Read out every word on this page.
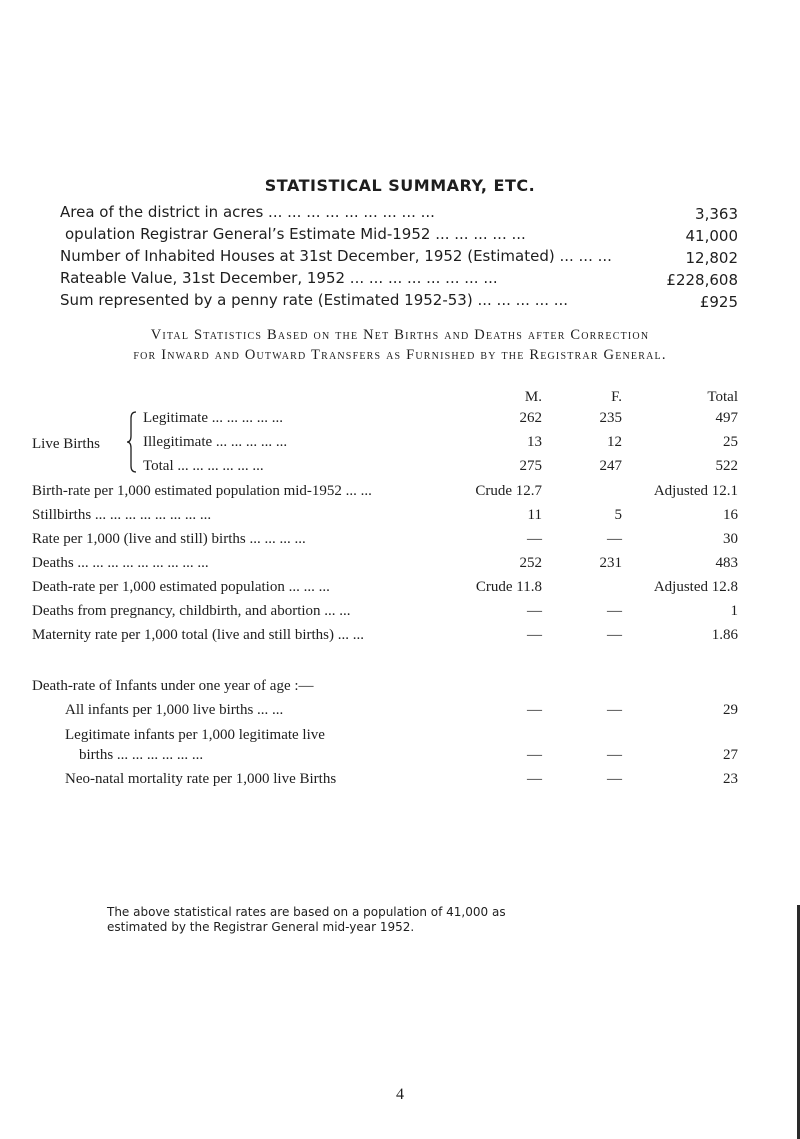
STATISTICAL SUMMARY, ETC.
Area of the district in acres ... ... ... ... ... ... ... ... ...	3,363
opulation Registrar General’s Estimate Mid-1952 ... ... ... ... ...	41,000
Number of Inhabited Houses at 31st December, 1952 (Estimated) ... ... ...	12,802
Rateable Value, 31st December, 1952 ... ... ... ... ... ... ... ...	£228,608
Sum represented by a penny rate (Estimated 1952-53) ... ... ... ... ...	£925
Vital Statistics Based on the Net Births and Deaths after Correction
for Inward and Outward Transfers as Furnished by the Registrar General.
M.	F.	Total
Live Births
Legitimate ... ... ... ... ...	262	235	497
Illegitimate ... ... ... ... ...	13	12	25
Total ... ... ... ... ... ...	275	247	522
Birth-rate per 1,000 estimated population mid-1952 ... ...	Crude 12.7	Adjusted 12.1
Stillbirths ... ... ... ... ... ... ... ...	11	5	16
Rate per 1,000 (live and still) births ... ... ... ...	—	—	30
Deaths ... ... ... ... ... ... ... ... ...	252	231	483
Death-rate per 1,000 estimated population ... ... ...	Crude 11.8	Adjusted 12.8
Deaths from pregnancy, childbirth, and abortion ... ...	—	—	1
Maternity rate per 1,000 total (live and still births) ... ...	—	—	1.86
Death-rate of Infants under one year of age :—
All infants per 1,000 live births ... ...	—	—	29
Legitimate infants per 1,000 legitimate live
births ... ... ... ... ... ...	—	—	27
Neo-natal mortality rate per 1,000 live Births	—	—	23
The above statistical rates are based on a population of 41,000 as
estimated by the Registrar General mid-year 1952.
4
